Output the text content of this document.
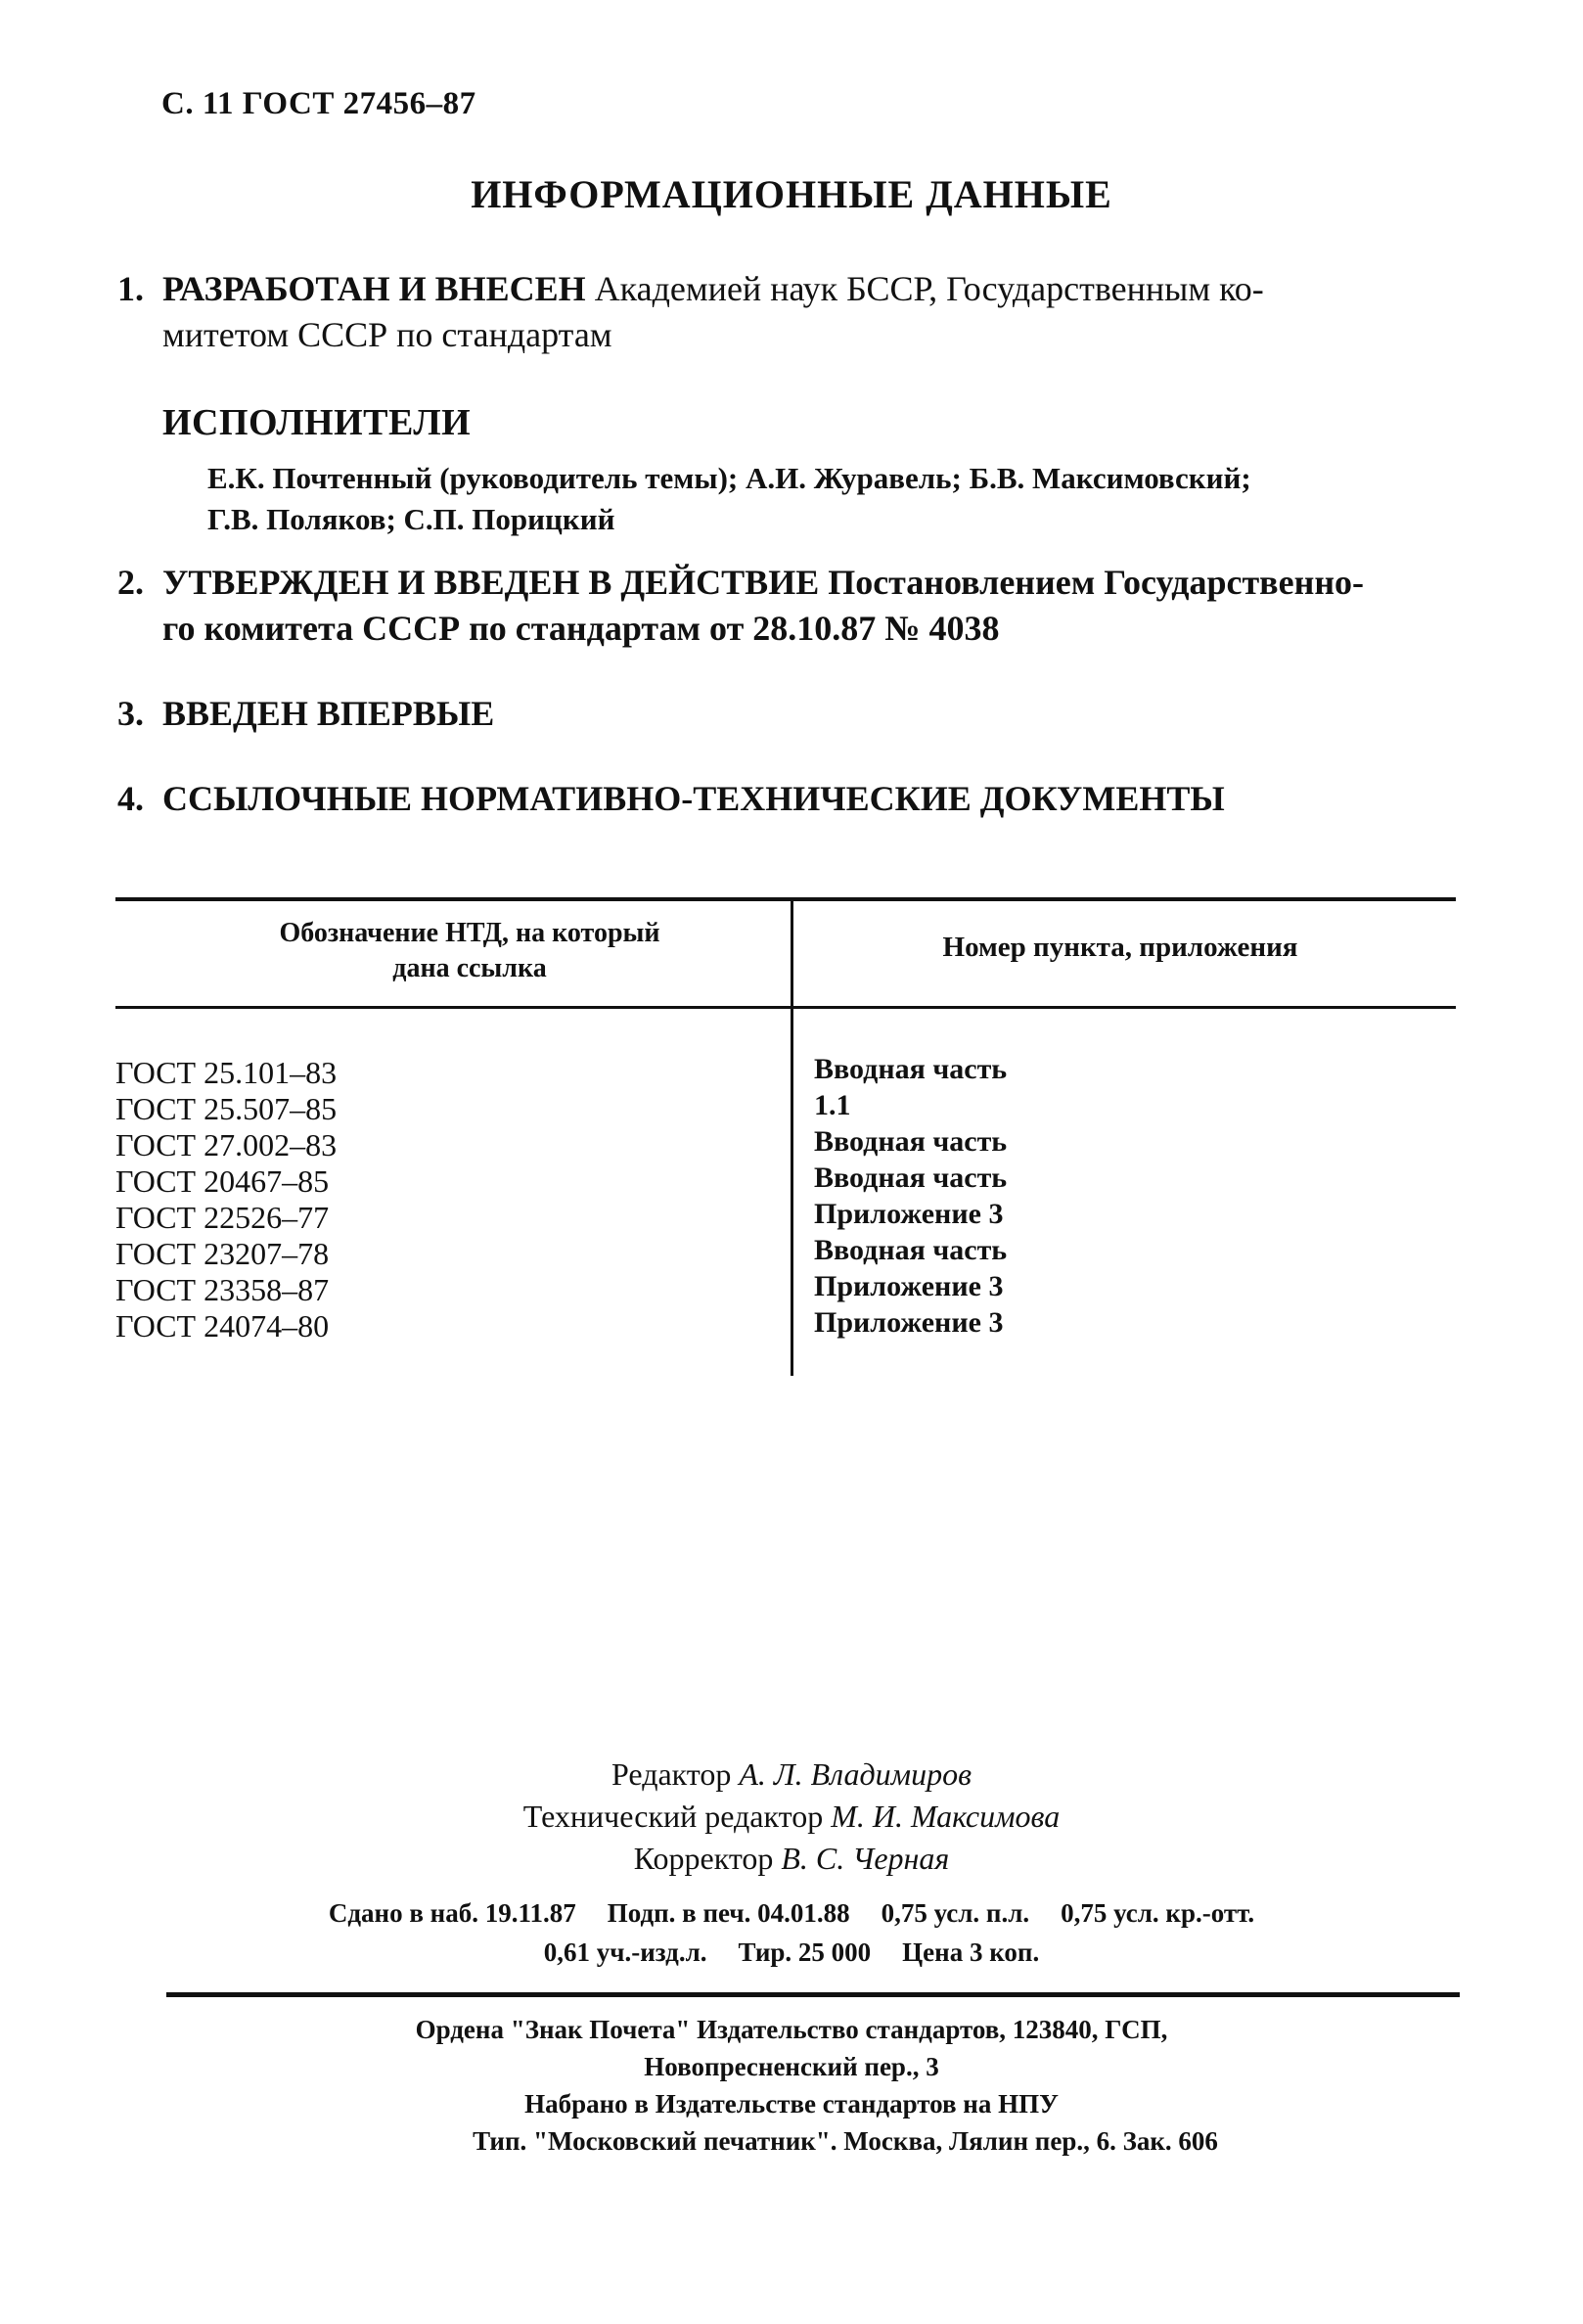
С. 11 ГОСТ 27456–87
ИНФОРМАЦИОННЫЕ ДАННЫЕ
1. РАЗРАБОТАН И ВНЕСЕН Академией наук БССР, Государственным ко-
митетом СССР по стандартам
ИСПОЛНИТЕЛИ
Е.К. Почтенный (руководитель темы); А.И. Журавель; Б.В. Максимовский;
Г.В. Поляков; С.П. Порицкий
2. УТВЕРЖДЕН И ВВЕДЕН В ДЕЙСТВИЕ Постановлением Государственно-
го комитета СССР по стандартам от 28.10.87 № 4038
3. ВВЕДЕН ВПЕРВЫЕ
4. ССЫЛОЧНЫЕ НОРМАТИВНО-ТЕХНИЧЕСКИЕ ДОКУМЕНТЫ
Обозначение НТД, на который
дана ссылка
Номер пункта, приложения
ГОСТ 25.101–83
ГОСТ 25.507–85
ГОСТ 27.002–83
ГОСТ 20467–85
ГОСТ 22526–77
ГОСТ 23207–78
ГОСТ 23358–87
ГОСТ 24074–80
Вводная часть
1.1
Вводная часть
Вводная часть
Приложение 3
Вводная часть
Приложение 3
Приложение 3
Редактор А. Л. Владимиров
Технический редактор М. И. Максимова
Корректор В. С. Черная
Сдано в наб. 19.11.87 Подп. в печ. 04.01.88 0,75 усл. п.л. 0,75 усл. кр.-отт.
0,61 уч.-изд.л. Тир. 25 000 Цена 3 коп.
Ордена "Знак Почета" Издательство стандартов, 123840, ГСП,
Новопресненский пер., 3
Набрано в Издательстве стандартов на НПУ
Тип. "Московский печатник". Москва, Лялин пер., 6. Зак. 606
